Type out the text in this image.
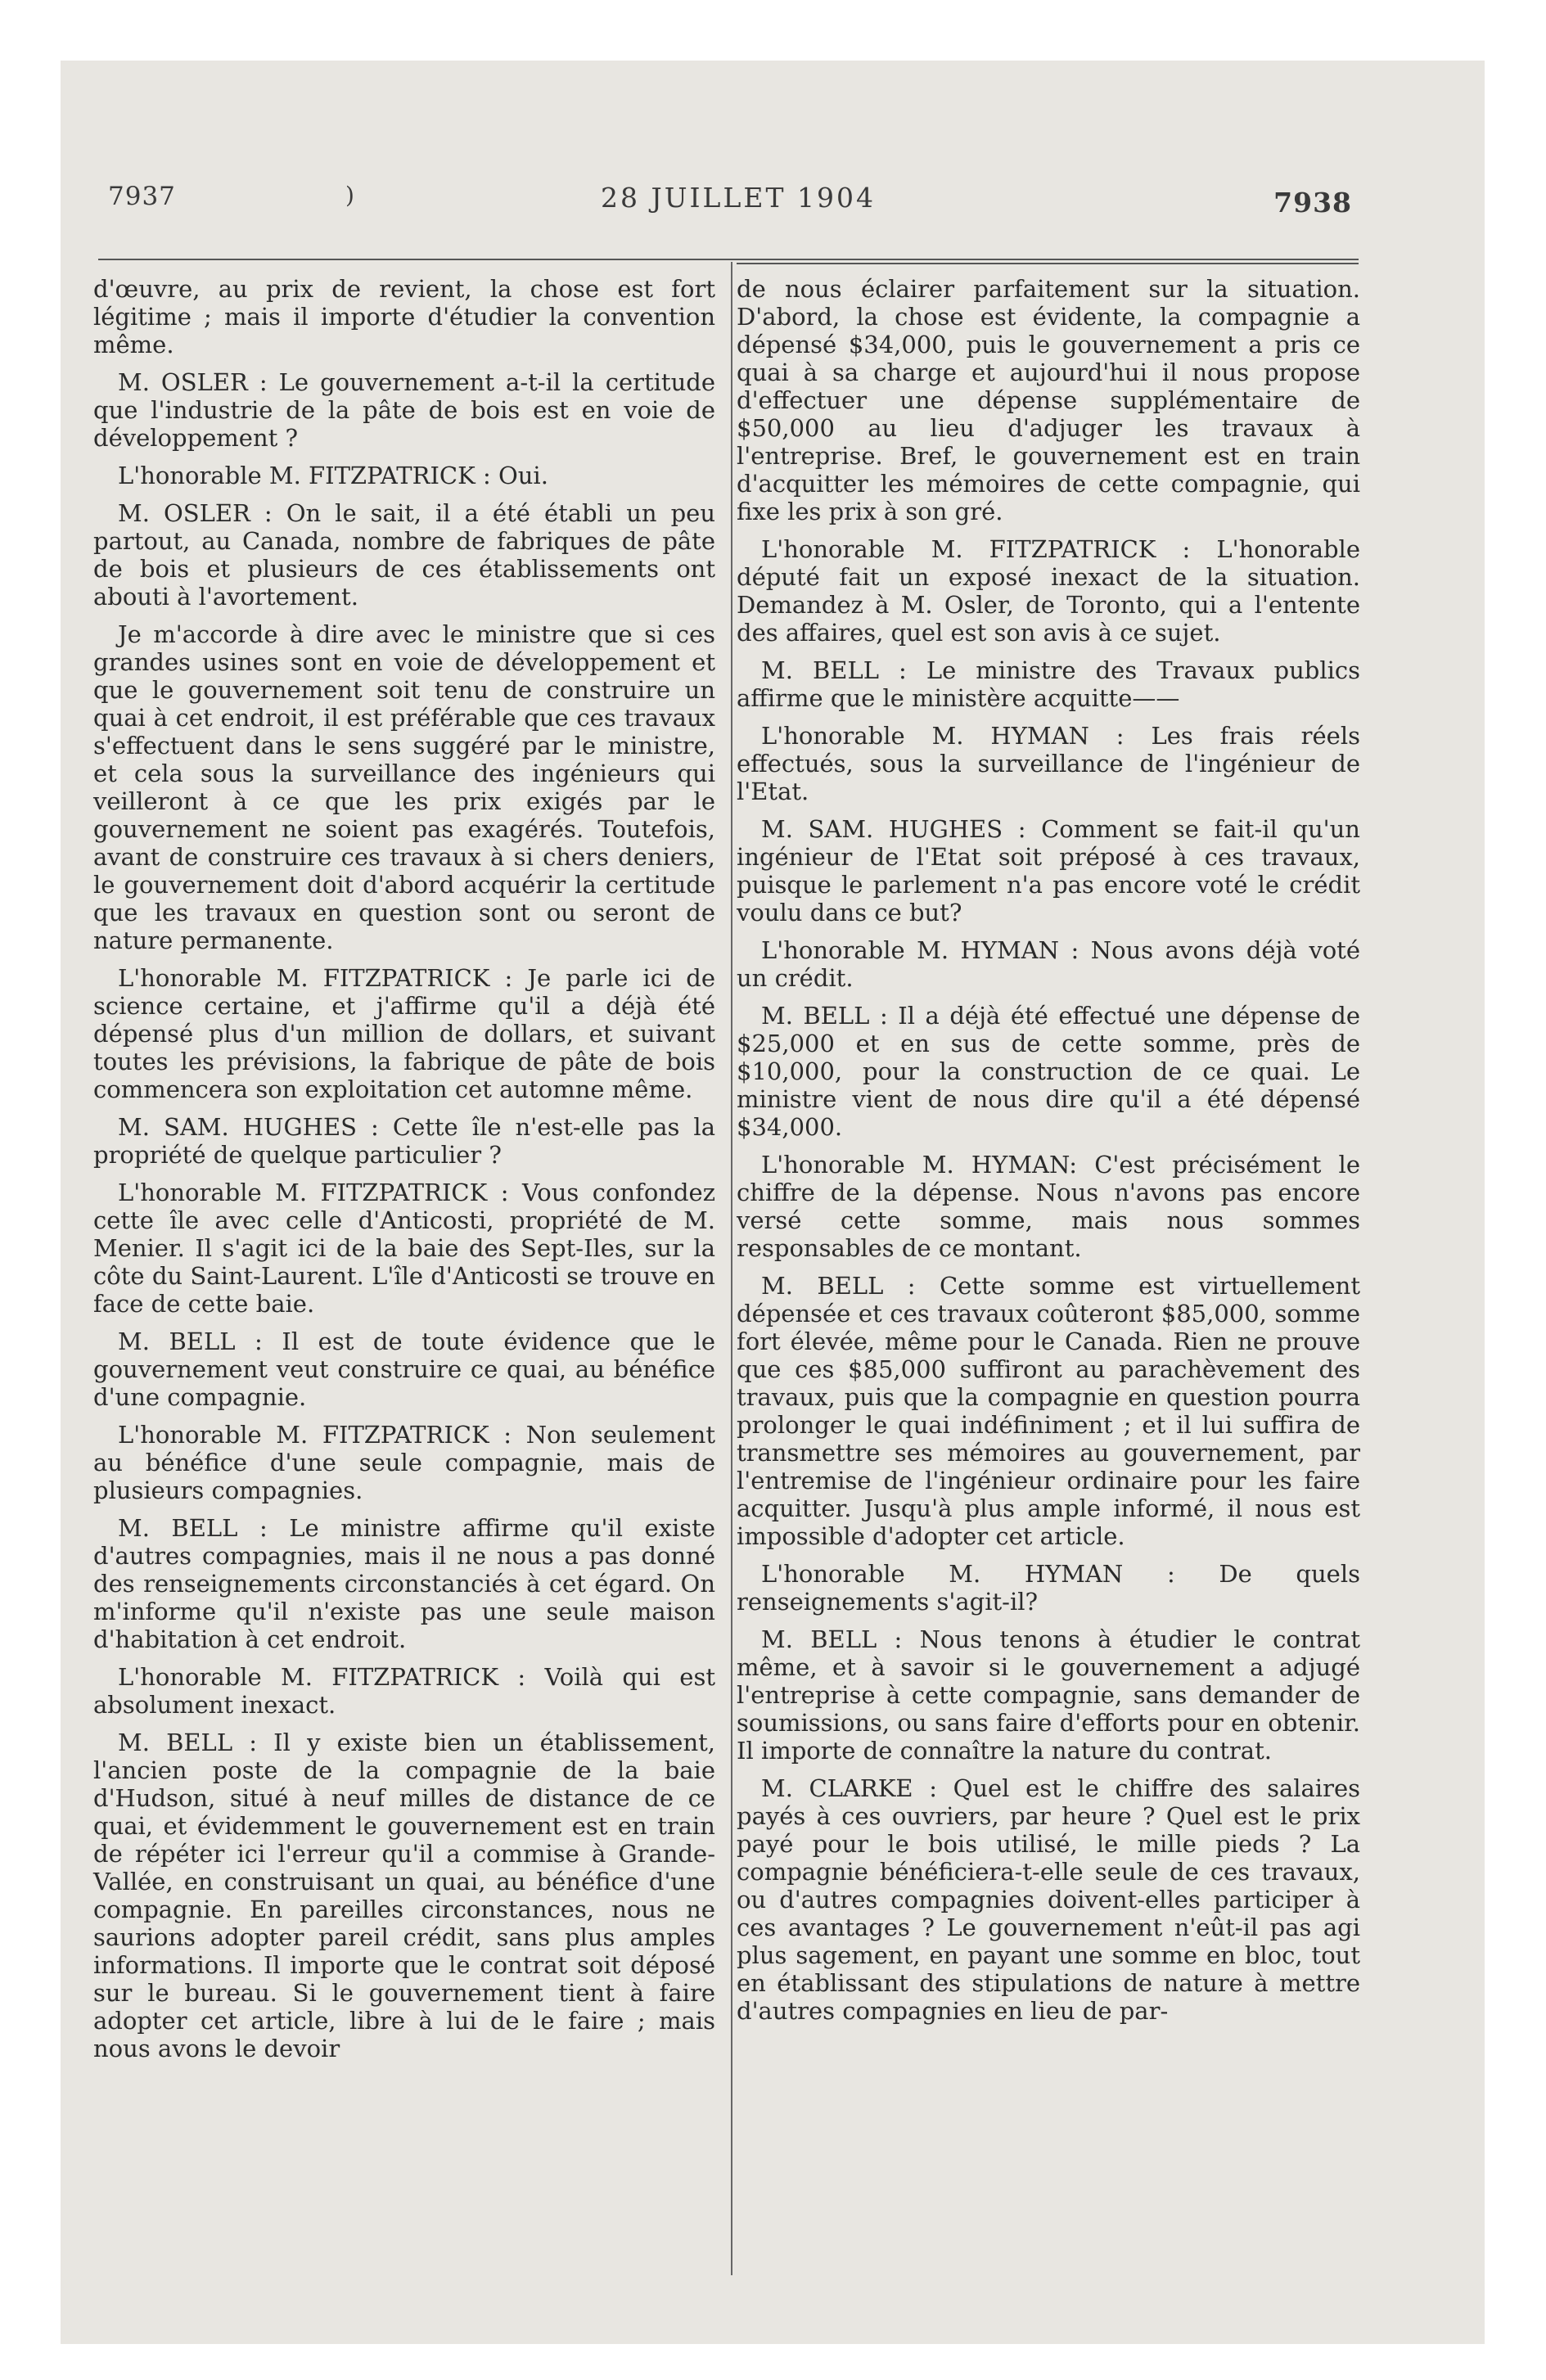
7937	)	28 JUILLET 1904	7938

d'œuvre, au prix de revient, la chose est fort légitime ; mais il importe d'étudier la convention même.

M. OSLER : Le gouvernement a-t-il la certitude que l'industrie de la pâte de bois est en voie de développement ?

L'honorable M. FITZPATRICK : Oui.

M. OSLER : On le sait, il a été établi un peu partout, au Canada, nombre de fabriques de pâte de bois et plusieurs de ces établissements ont abouti à l'avortement.

Je m'accorde à dire avec le ministre que si ces grandes usines sont en voie de développement et que le gouvernement soit tenu de construire un quai à cet endroit, il est préférable que ces travaux s'effectuent dans le sens suggéré par le ministre, et cela sous la surveillance des ingénieurs qui veilleront à ce que les prix exigés par le gouvernement ne soient pas exagérés. Toutefois, avant de construire ces travaux à si chers deniers, le gouvernement doit d'abord acquérir la certitude que les travaux en question sont ou seront de nature permanente.

L'honorable M. FITZPATRICK : Je parle ici de science certaine, et j'affirme qu'il a déjà été dépensé plus d'un million de dollars, et suivant toutes les prévisions, la fabrique de pâte de bois commencera son exploitation cet automne même.

M. SAM. HUGHES : Cette île n'est-elle pas la propriété de quelque particulier ?

L'honorable M. FITZPATRICK : Vous confondez cette île avec celle d'Anticosti, propriété de M. Menier. Il s'agit ici de la baie des Sept-Iles, sur la côte du Saint-Laurent. L'île d'Anticosti se trouve en face de cette baie.

M. BELL : Il est de toute évidence que le gouvernement veut construire ce quai, au bénéfice d'une compagnie.

L'honorable M. FITZPATRICK : Non seulement au bénéfice d'une seule compagnie, mais de plusieurs compagnies.

M. BELL : Le ministre affirme qu'il existe d'autres compagnies, mais il ne nous a pas donné des renseignements circonstanciés à cet égard. On m'informe qu'il n'existe pas une seule maison d'habitation à cet endroit.

L'honorable M. FITZPATRICK : Voilà qui est absolument inexact.

M. BELL : Il y existe bien un établissement, l'ancien poste de la compagnie de la baie d'Hudson, situé à neuf milles de distance de ce quai, et évidemment le gouvernement est en train de répéter ici l'erreur qu'il a commise à Grande-Vallée, en construisant un quai, au bénéfice d'une compagnie. En pareilles circonstances, nous ne saurions adopter pareil crédit, sans plus amples informations. Il importe que le contrat soit déposé sur le bureau. Si le gouvernement tient à faire adopter cet article, libre à lui de le faire ; mais nous avons le devoir

de nous éclairer parfaitement sur la situation. D'abord, la chose est évidente, la compagnie a dépensé $34,000, puis le gouvernement a pris ce quai à sa charge et aujourd'hui il nous propose d'effectuer une dépense supplémentaire de $50,000 au lieu d'adjuger les travaux à l'entreprise. Bref, le gouvernement est en train d'acquitter les mémoires de cette compagnie, qui fixe les prix à son gré.

L'honorable M. FITZPATRICK : L'honorable député fait un exposé inexact de la situation. Demandez à M. Osler, de Toronto, qui a l'entente des affaires, quel est son avis à ce sujet.

M. BELL : Le ministre des Travaux publics affirme que le ministère acquitte——

L'honorable M. HYMAN : Les frais réels effectués, sous la surveillance de l'ingénieur de l'Etat.

M. SAM. HUGHES : Comment se fait-il qu'un ingénieur de l'Etat soit préposé à ces travaux, puisque le parlement n'a pas encore voté le crédit voulu dans ce but?

L'honorable M. HYMAN : Nous avons déjà voté un crédit.

M. BELL : Il a déjà été effectué une dépense de $25,000 et en sus de cette somme, près de $10,000, pour la construction de ce quai. Le ministre vient de nous dire qu'il a été dépensé $34,000.

L'honorable M. HYMAN: C'est précisément le chiffre de la dépense. Nous n'avons pas encore versé cette somme, mais nous sommes responsables de ce montant.

M. BELL : Cette somme est virtuellement dépensée et ces travaux coûteront $85,000, somme fort élevée, même pour le Canada. Rien ne prouve que ces $85,000 suffiront au parachèvement des travaux, puis que la compagnie en question pourra prolonger le quai indéfiniment ; et il lui suffira de transmettre ses mémoires au gouvernement, par l'entremise de l'ingénieur ordinaire pour les faire acquitter. Jusqu'à plus ample informé, il nous est impossible d'adopter cet article.

L'honorable M. HYMAN : De quels renseignements s'agit-il?

M. BELL : Nous tenons à étudier le contrat même, et à savoir si le gouvernement a adjugé l'entreprise à cette compagnie, sans demander de soumissions, ou sans faire d'efforts pour en obtenir. Il importe de connaître la nature du contrat.

M. CLARKE : Quel est le chiffre des salaires payés à ces ouvriers, par heure ? Quel est le prix payé pour le bois utilisé, le mille pieds ? La compagnie bénéficiera-t-elle seule de ces travaux, ou d'autres compagnies doivent-elles participer à ces avantages ? Le gouvernement n'eût-il pas agi plus sagement, en payant une somme en bloc, tout en établissant des stipulations de nature à mettre d'autres compagnies en lieu de par-
